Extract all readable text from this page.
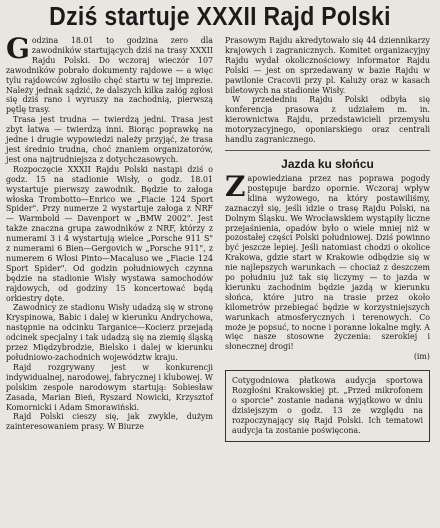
Dziś startuje XXXII Rajd Polski

Godzina 18.01 to godzina zero dla zawodników startujących dziś na trasy XXXII Rajdu Polski. Do wczoraj wieczór 107 zawodników pobrało dokumenty rajdowe — a więc tylu rajdowców zgłosiło chęć startu w tej imprezie. Należy jednak sądzić, że dalszych kilka załóg zgłosi się dziś rano i wyruszy na zachodnią, pierwszą pętlę trasy.

Trasa jest trudna — twierdzą jedni. Trasa jest zbyt łatwa — twierdzą inni. Biorąc poprawkę na jedne i drugie wypowiedzi należy przyjąć, że trasa jest średnio trudna, choć znaniem organizatorów, jest ona najtrudniejsza z dotychczasowych.

Rozpoczęcie XXXII Rajdu Polski nastąpi dziś o godz. 15 na stadionie Wisły, o godz. 18.01 wystartuje pierwszy zawodnik. Będzie to załoga włoska Trombotto—Enrico we „Fiacie 124 Sport Spider". Przy numerze 2 wystartuje załoga z NRF — Warmbold — Davenport w „BMW 2002". Jest także znaczna grupa zawodników z NRF, którzy z numerami 3 i 4 wystartują wielce „Porsche 911 S" z numerami 6 Bien—Gergovich w „Porsche 911", z numerem 6 Włosi Pinto—Macaluso we „Fiacie 124 Sport Spider". Od godzin południowych czynna będzie na stadionie Wisły wystawa samochodów rajdowych, od godziny 15 koncertować będą orkiestry dęte.

Zawodnicy ze stadionu Wisły udadzą się w stronę Kryspinowa, Babic i dalej w kierunku Andrychowa, następnie na odcinku Targanice—Kocierz przejadą odcinek specjalny i tak udadzą się na ziemię śląską przez Międzybrodzie, Bielsko i dalej w kierunku południowo-zachodnich województw kraju.

Rajd rozgrywany jest w konkurencji indywidualnej, narodowej, fabrycznej i klubowej. W polskim zespole narodowym startują: Sobiesław Zasada, Marian Bień, Ryszard Nowicki, Krzysztof Komornicki i Adam Smorawiński.

Rajd Polski cieszy się, jak zwykle, dużym zainteresowaniem prasy. W Biurze

Prasowym Rajdu akredytowało się 44 dziennikarzy krajowych i zagranicznych. Komitet organizacyjny Rajdu wydał okolicznościowy informator Rajdu Polski — jest on sprzedawany w bazie Rajdu w pawilonie Cracovii przy pl. Kaluży oraz w kasach biletowych na stadionie Wisły.

W przededniu Rajdu Polski odbyła się konferencja prasowa z udziałem m. in. kierownictwa Rajdu, przedstawicieli przemysłu motoryzacyjnego, oponiarskiego oraz centrali handlu zagranicznego.

Jazda ku słońcu

Zapowiedziana przez nas poprawa pogody postępuje bardzo opornie. Wczoraj wpływ klina wyżowego, na który postawiliśmy, zaznaczył się, jeśli idzie o trasę Rajdu Polski, na Dolnym Śląsku. We Wrocławskiem wystąpiły liczne przejaśnienia, opadów było o wiele mniej niż w pozostałej części Polski południowej. Dziś powinno być jeszcze lepiej. Jeśli natomiast chodzi o okolice Krakowa, gdzie start w Krakowie odbędzie się w nie najlepszych warunkach — chociaż z deszczem po południu już tak się liczymy — to jazda w kierunku zachodnim będzie jazdą w kierunku słońca, które jutro na trasie przez około kilometrów przebiegać będzie w korzystniejszych warunkach atmosferycznych i terenowych. Co może je popsuć, to nocne i poranne lokalne mgły. A więc nasze stosowne życzenia: szerokiej i słonecznej drogi!

(im)

Cotygodniowa płatkowa audycja sportowa Rozgłośni Krakowskiej pt. „Przed mikrofonem o sporcie" zostanie nadana wyjątkowo w dniu dzisiejszym o godz. 13 ze względu na rozpoczynający się Rajd Polski. Ich tematowi audycja ta zostanie poświęcona.
